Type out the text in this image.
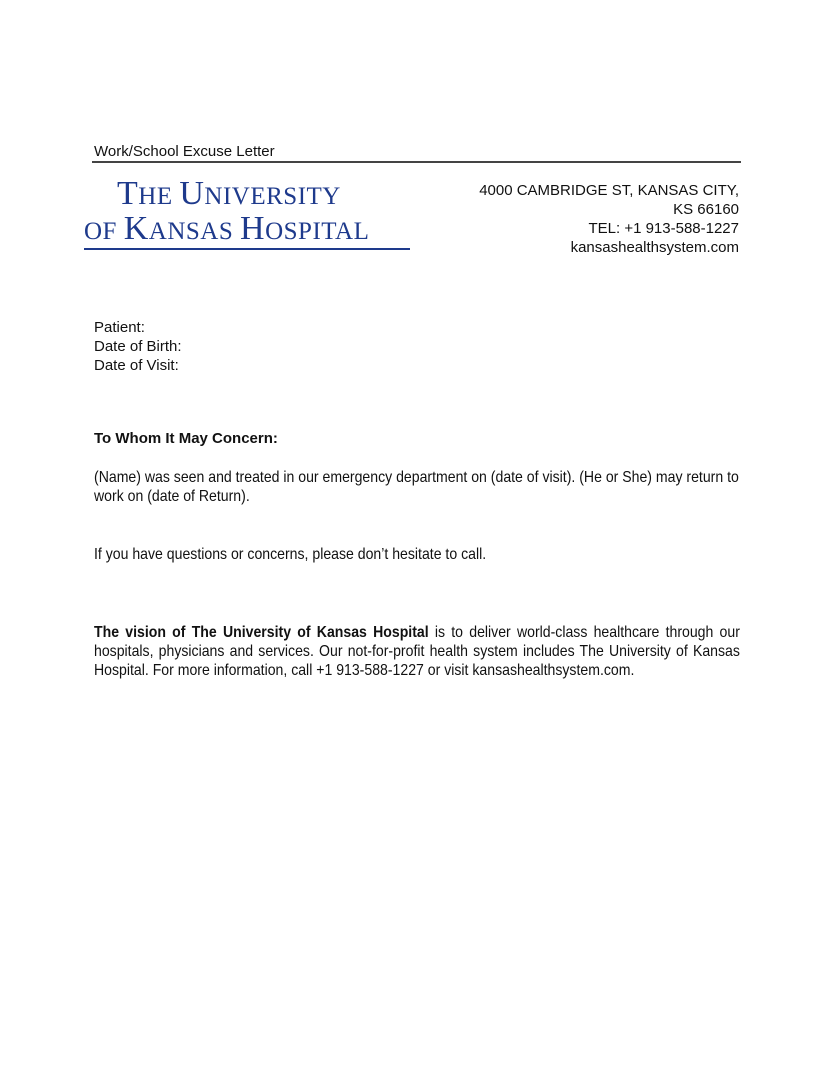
Work/School Excuse Letter
THE UNIVERSITY
OF KANSAS HOSPITAL
4000 CAMBRIDGE ST, KANSAS CITY,
KS 66160
TEL: +1 913-588-1227
kansashealthsystem.com
Patient:
Date of Birth:
Date of Visit:
To Whom It May Concern:
(Name) was seen and treated in our emergency department on (date of visit). (He or She) may return to work on (date of Return).
If you have questions or concerns, please don’t hesitate to call.
The vision of The University of Kansas Hospital is to deliver world-class healthcare through our hospitals, physicians and services. Our not-for-profit health system includes The University of Kansas Hospital. For more information, call +1 913-588-1227 or visit kansashealthsystem.com.
